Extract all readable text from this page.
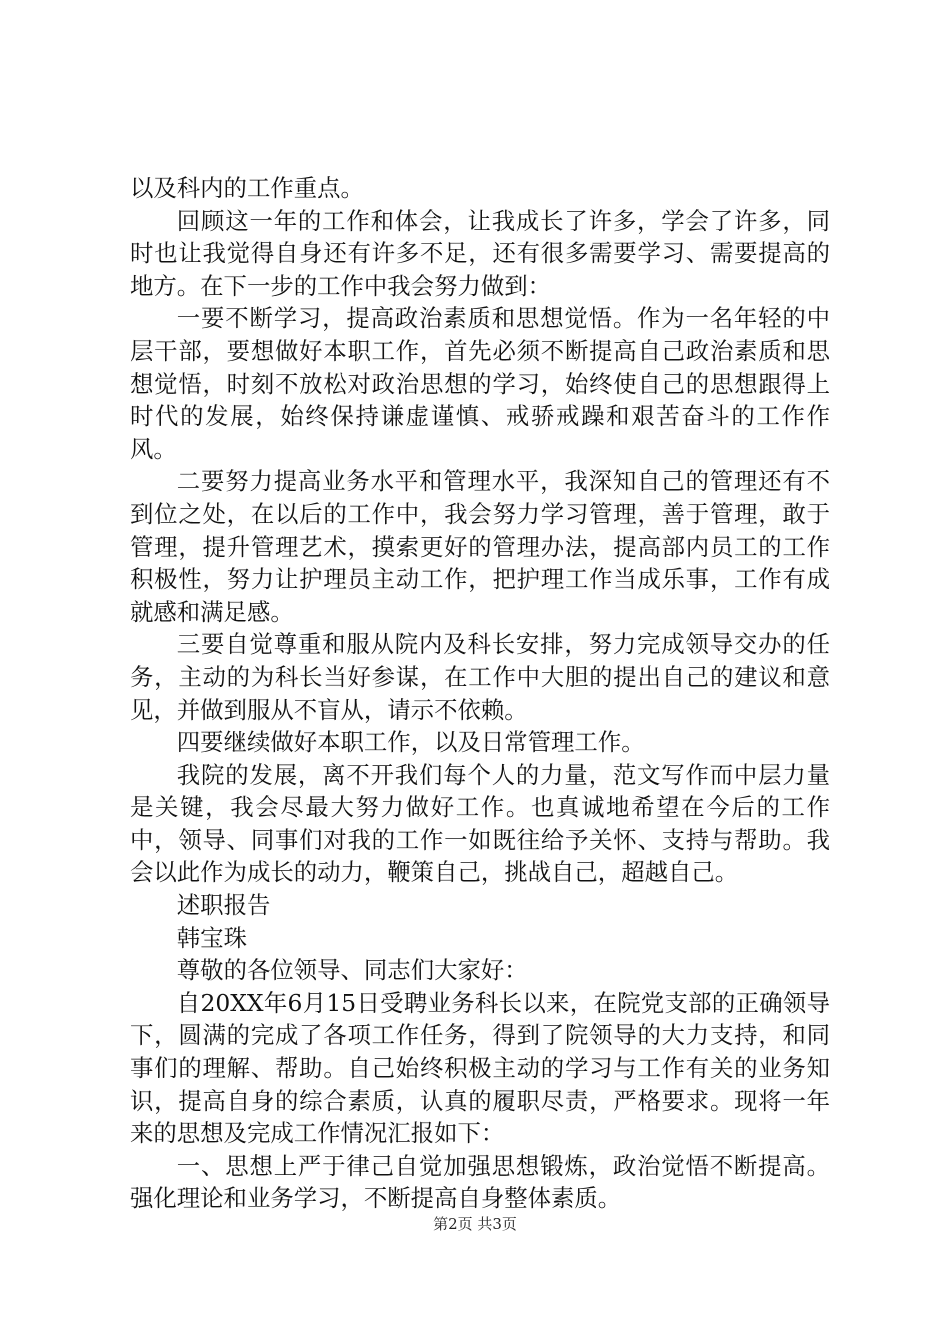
以及科内的工作重点。

回顾这一年的工作和体会，让我成长了许多，学会了许多，同时也让我觉得自身还有许多不足，还有很多需要学习、需要提高的地方。在下一步的工作中我会努力做到：

一要不断学习，提高政治素质和思想觉悟。作为一名年轻的中层干部，要想做好本职工作，首先必须不断提高自己政治素质和思想觉悟，时刻不放松对政治思想的学习，始终使自己的思想跟得上时代的发展，始终保持谦虚谨慎、戒骄戒躁和艰苦奋斗的工作作风。

二要努力提高业务水平和管理水平，我深知自己的管理还有不到位之处，在以后的工作中，我会努力学习管理，善于管理，敢于管理，提升管理艺术，摸索更好的管理办法，提高部内员工的工作积极性，努力让护理员主动工作，把护理工作当成乐事，工作有成就感和满足感。

三要自觉尊重和服从院内及科长安排，努力完成领导交办的任务，主动的为科长当好参谋，在工作中大胆的提出自己的建议和意见，并做到服从不盲从，请示不依赖。

四要继续做好本职工作，以及日常管理工作。

我院的发展，离不开我们每个人的力量，范文写作而中层力量是关键，我会尽最大努力做好工作。也真诚地希望在今后的工作中，领导、同事们对我的工作一如既往给予关怀、支持与帮助。我会以此作为成长的动力，鞭策自己，挑战自己，超越自己。

述职报告

韩宝珠

尊敬的各位领导、同志们大家好：

自20XX年6月15日受聘业务科长以来，在院党支部的正确领导下，圆满的完成了各项工作任务，得到了院领导的大力支持，和同事们的理解、帮助。自己始终积极主动的学习与工作有关的业务知识，提高自身的综合素质，认真的履职尽责，严格要求。现将一年来的思想及完成工作情况汇报如下：

一、思想上严于律己自觉加强思想锻炼，政治觉悟不断提高。强化理论和业务学习，不断提高自身整体素质。

第2页 共3页
